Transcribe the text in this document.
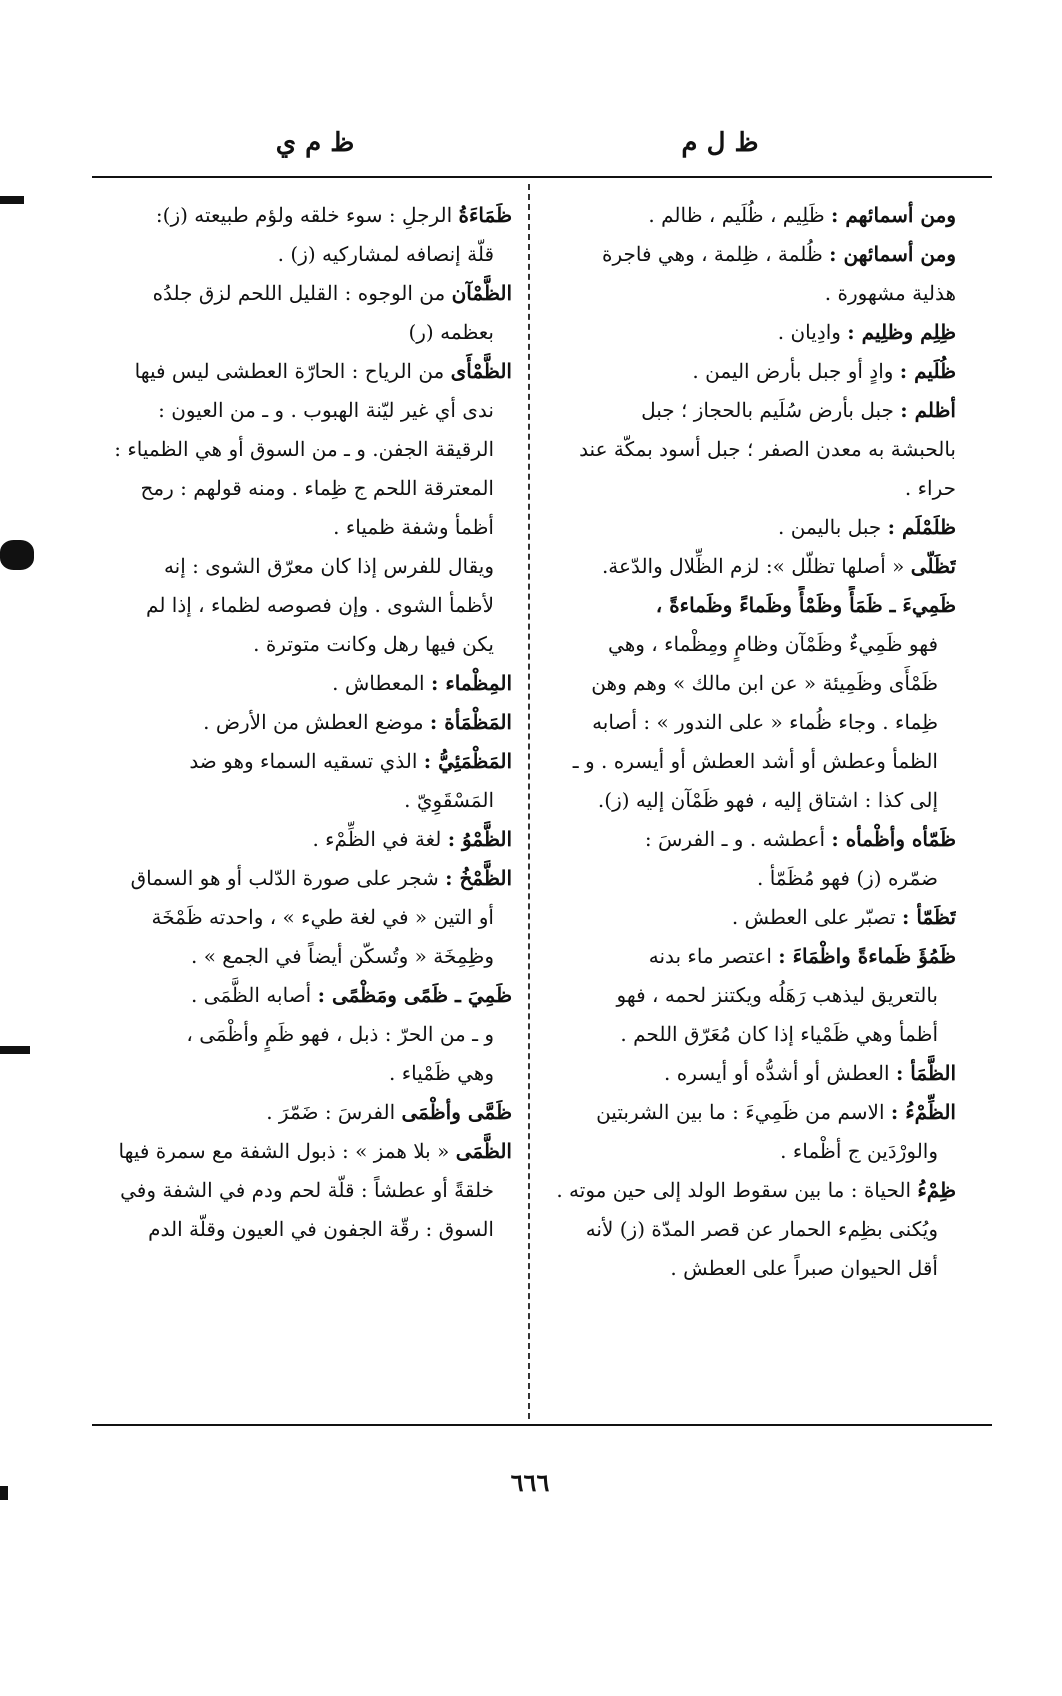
ظ ل م
ظ م ي
ومن أسمائهم : ظَلِيم ، ظُلَيم ، ظالم .
ومن أسمائهن : ظُلمة ، ظِلمة ، وهي فاجرة
هذلية مشهورة .
ظِلِم وظلِيم : وادِيان .
ظُلَيم : وادٍ أو جبل بأرض اليمن .
أظلم : جبل بأرض سُلَيم بالحجاز ؛ جبل
بالحبشة به معدن الصفر ؛ جبل أسود بمكّة عند
حراء .
ظلَمْلَم : جبل باليمن .
تَظَلّى « أصلها تظلّل »: لزم الظِّلال والدّعة.
ظَمِيءَ ـ ظَمَأً وظَمْأً وظَماءً وظَماءةً ،
فهو ظَمِيءٌ وظَمْآن وظامٍ ومِظْماء ، وهي
ظَمْأَى وظَمِيئة « عن ابن مالك » وهم وهن
ظِماء . وجاء ظُماء « على الندور » : أصابه
الظمأ وعطش أو أشد العطش أو أيسره . و ـ
إلى كذا : اشتاق إليه ، فهو ظَمْآن إليه (ز).
ظَمّأه وأظْمأه : أعطشه . و ـ الفرسَ :
ضمّره (ز) فهو مُظَمّأ .
تَظَمّأ : تصبّر على العطش .
ظَمُؤَ ظَماءةً واظْمَاءَ : اعتصر ماء بدنه
بالتعريق ليذهب رَهَلُه ويكتنز لحمه ، فهو
أظمأ وهي ظَمْياء إذا كان مُعَرّق اللحم .
الظَّمَأ : العطش أو أشدُّه أو أيسره .
الظِّمْءُ : الاسم من ظَمِيءَ : ما بين الشربتين
والورْدَين ج أظْماء .
ظِمْءُ الحياة : ما بين سقوط الولد إلى حين موته .
ويُكنى بظِمء الحمار عن قصر المدّة (ز) لأنه
أقل الحيوان صبراً على العطش .
ظَمَاءَةُ الرجلِ : سوء خلقه ولؤم طبيعته (ز):
قلّة إنصافه لمشاركيه (ز) .
الظَّمْآن من الوجوه : القليل اللحم لزق جلدُه
بعظمه (ر)
الظَّمْأَى من الرياح : الحارّة العطشى ليس فيها
ندى أي غير ليّنة الهبوب . و ـ من العيون :
الرقيقة الجفن. و ـ من السوق أو هي الظمياء :
المعترقة اللحم ج ظِماء . ومنه قولهم : رمح
أظمأ وشفة ظمياء .
ويقال للفرس إذا كان معرّق الشوى : إنه
لأظمأ الشوى . وإن فصوصه لظماء ، إذا لم
يكن فيها رهل وكانت متوترة .
المِظْماء : المعطاش .
المَظْمَأة : موضع العطش من الأرض .
المَظْمَئِيُّ : الذي تسقيه السماء وهو ضد
المَسْقَوِيّ .
الظَّمْوُ : لغة في الظِّمْء .
الظَّمْخُ : شجر على صورة الدّلب أو هو السماق
أو التين « في لغة طيء » ، واحدته ظَمْخَة
وظِمِخَة « وتُسكّن أيضاً في الجمع » .
ظَمِيَ ـ ظَمًى ومَظْمًى : أصابه الظَّمَى .
و ـ من الحرّ : ذبل ، فهو ظَمٍ وأظْمَى ،
وهي ظَمْياء .
ظَمَّى وأظْمَى الفرسَ : ضَمّرَ .
الظَّمَى « بلا همز » : ذبول الشفة مع سمرة فيها
خلقةً أو عطشاً : قلّة لحم ودم في الشفة وفي
السوق : رقّة الجفون في العيون وقلّة الدم
٦٦٦
